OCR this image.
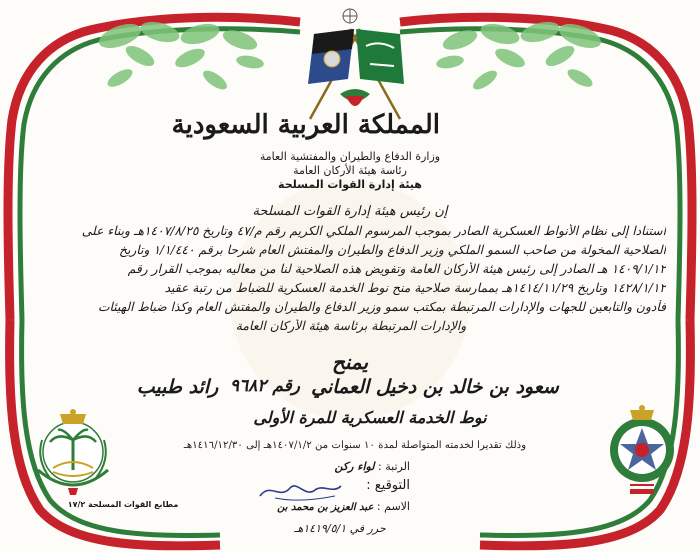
المملكة العربية السعودية
وزارة الدفاع والطيران والمفتشية العامة
رئاسة هيئة الأركان العامة
هيئة إدارة القوات المسلحة
إن رئيس هيئة إدارة القوات المسلحة
استنادا إلى نظام الأنواط العسكرية الصادر بموجب المرسوم الملكي الكريم رقم م/٤٧ وتاريخ ١٤٠٧/٨/٢٥هـ وبناء على
الصلاحية المخولة من صاحب السمو الملكي وزير الدفاع والطيران والمفتش العام شرحا برقم ١/١/٤٤٠ وتاريخ
١٤٠٩/١/١٢ هـ الصادر إلى رئيس هيئة الأركان العامة وتفويض هذه الصلاحية لنا من معاليه بموجب القرار رقم
١٤٢٨/١/١٢ وتاريخ ١٤١٤/١١/٢٩هـ بممارسة صلاحية منح نوط الخدمة العسكرية للضباط من رتبة عقيد
فأدون والتابعين للجهات والإدارات المرتبطة بمكتب سمو وزير الدفاع والطيران والمفتش العام وكذا ضباط الهيئات
والإدارات المرتبطة برئاسة هيئة الأركان العامة
يمنح
سعود بن خالد بن دخيل العماني
رقم ٩٦٨٢
رائد طبيب
نوط الخدمة العسكرية للمرة الأولى
وذلك تقديرا لخدمته المتواصلة لمدة ١٠ سنوات من ١٤٠٧/١/٢هـ إلى ١٤١٦/١٢/٣٠هـ
الرتبة : لواء ركن
التوقيع :
الاسم : عبد العزيز بن محمد بن
حرر في ١٤١٩/٥/١هـ
مطابع القوات المسلحة ١٧/٢
